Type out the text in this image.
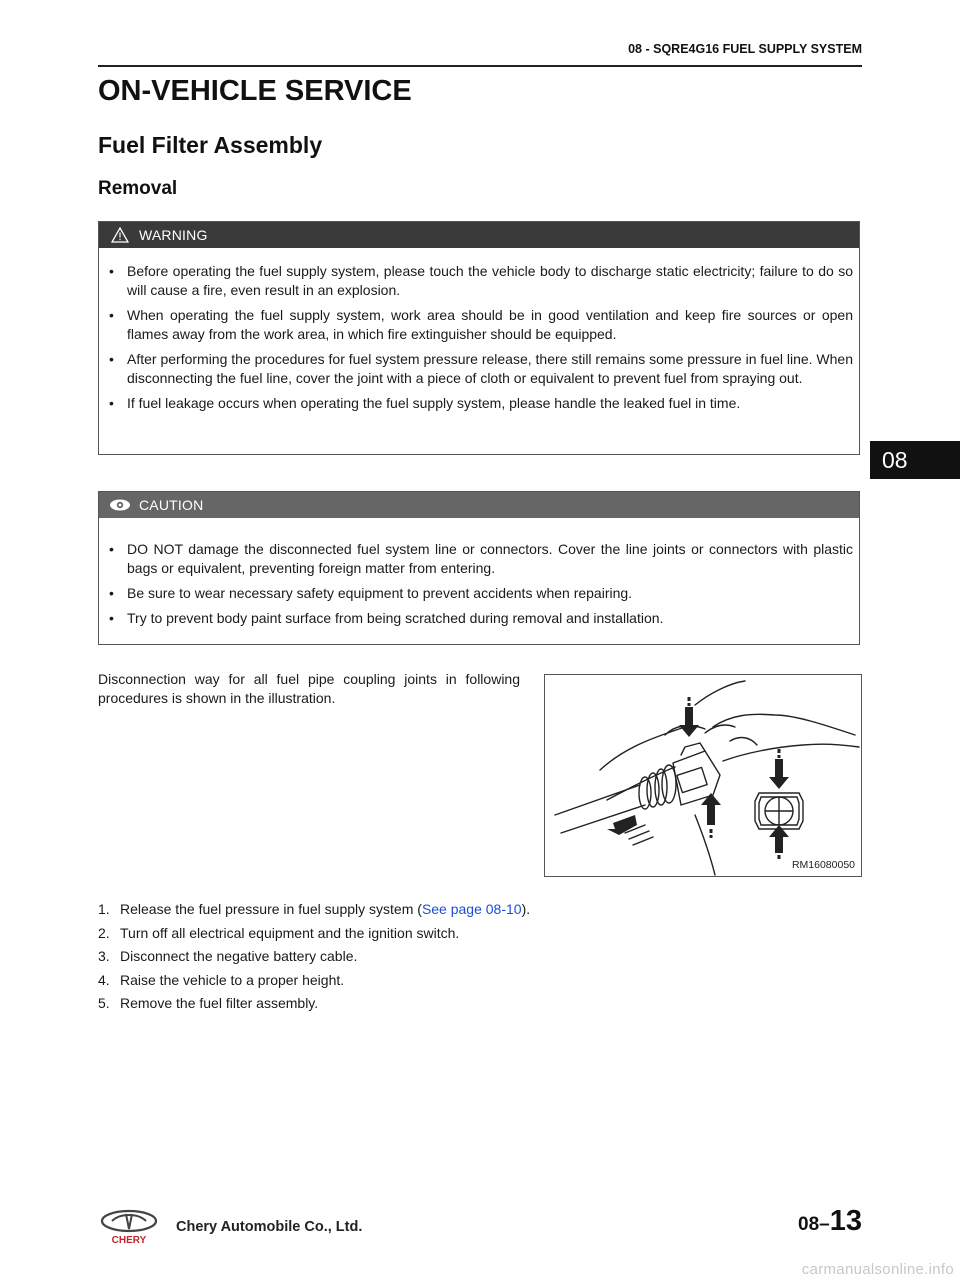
08 - SQRE4G16 FUEL SUPPLY SYSTEM
ON-VEHICLE SERVICE
Fuel Filter Assembly
Removal
08
WARNING
• Before operating the fuel supply system, please touch the vehicle body to discharge static electricity; failure to do so will cause a fire, even result in an explosion.
• When operating the fuel supply system, work area should be in good ventilation and keep fire sources or open flames away from the work area, in which fire extinguisher should be equipped.
• After performing the procedures for fuel system pressure release, there still remains some pressure in fuel line. When disconnecting the fuel line, cover the joint with a piece of cloth or equivalent to prevent fuel from spraying out.
• If fuel leakage occurs when operating the fuel supply system, please handle the leaked fuel in time.
CAUTION
• DO NOT damage the disconnected fuel system line or connectors. Cover the line joints or connectors with plastic bags or equivalent, preventing foreign matter from entering.
• Be sure to wear necessary safety equipment to prevent accidents when repairing.
• Try to prevent body paint surface from being scratched during removal and installation.

Disconnection way for all fuel pipe coupling joints in following procedures is shown in the illustration.

RM16080050
1. Release the fuel pressure in fuel supply system (See page 08-10).
2. Turn off all electrical equipment and the ignition switch.
3. Disconnect the negative battery cable.
4. Raise the vehicle to a proper height.
5. Remove the fuel filter assembly.
CHERY
Chery Automobile Co., Ltd.	08–13
carmanualsonline.info
